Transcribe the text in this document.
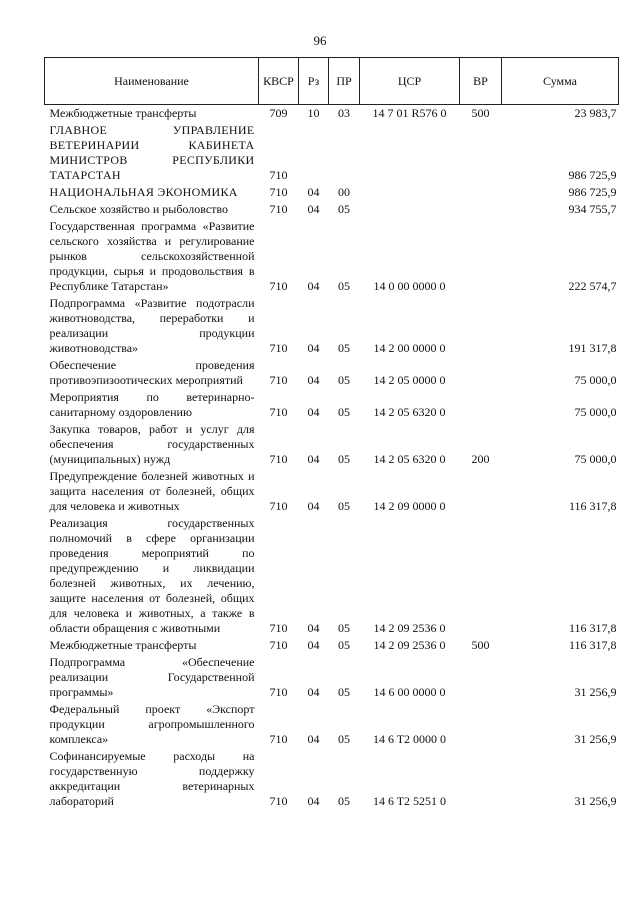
96
Наименование	КВСР	Рз	ПР	ЦСР	ВР	Сумма
Межбюджетные трансферты	709	10	03	14 7 01 R576 0	500	23 983,7
ГЛАВНОЕ УПРАВЛЕНИЕ ВЕТЕРИНАРИИ КАБИНЕТА МИНИСТРОВ РЕСПУБЛИКИ ТАТАРСТАН	710					986 725,9
НАЦИОНАЛЬНАЯ ЭКОНОМИКА	710	04	00			986 725,9
Сельское хозяйство и рыболовство	710	04	05			934 755,7
Государственная программа «Развитие сельского хозяйства и регулирование рынков сельскохозяйственной продукции, сырья и продовольствия в Республике Татарстан»	710	04	05	14 0 00 0000 0		222 574,7
Подпрограмма «Развитие подотрасли животноводства, переработки и реализации продукции животноводства»	710	04	05	14 2 00 0000 0		191 317,8
Обеспечение проведения противоэпизоотических мероприятий	710	04	05	14 2 05 0000 0		75 000,0
Мероприятия по ветеринарно-санитарному оздоровлению	710	04	05	14 2 05 6320 0		75 000,0
Закупка товаров, работ и услуг для обеспечения государственных (муниципальных) нужд	710	04	05	14 2 05 6320 0	200	75 000,0
Предупреждение болезней животных и защита населения от болезней, общих для человека и животных	710	04	05	14 2 09 0000 0		116 317,8
Реализация государственных полномочий в сфере организации проведения мероприятий по предупреждению и ликвидации болезней животных, их лечению, защите населения от болезней, общих для человека и животных, а также в области обращения с животными	710	04	05	14 2 09 2536 0		116 317,8
Межбюджетные трансферты	710	04	05	14 2 09 2536 0	500	116 317,8
Подпрограмма «Обеспечение реализации Государственной программы»	710	04	05	14 6 00 0000 0		31 256,9
Федеральный проект «Экспорт продукции агропромышленного комплекса»	710	04	05	14 6 T2 0000 0		31 256,9
Софинансируемые расходы на государственную поддержку аккредитации ветеринарных лабораторий	710	04	05	14 6 T2 5251 0		31 256,9
